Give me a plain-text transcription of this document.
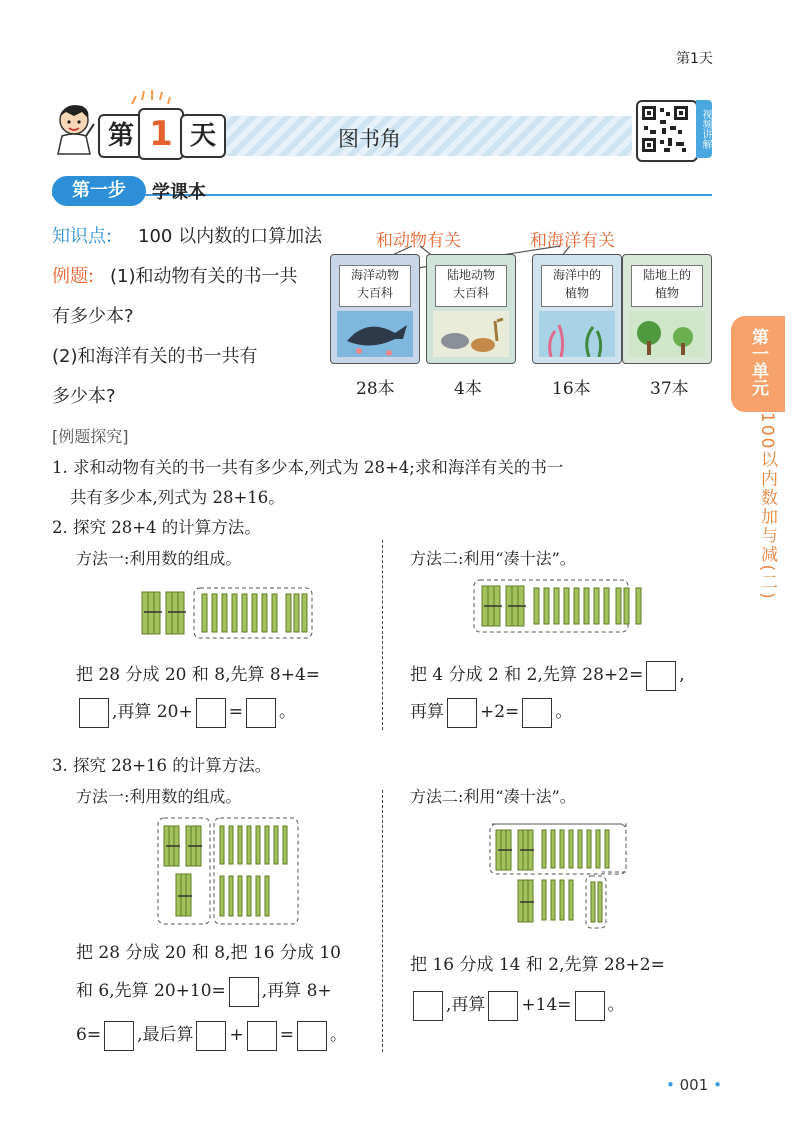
第1天
第 1 天	图书角	视频讲解
第一步	学课本
知识点: 100 以内数的口算加法
例题: (1)和动物有关的书一共
有多少本?
(2)和海洋有关的书一共有
多少本?
和动物有关	和海洋有关
海洋动物
大百科
陆地动物
大百科
海洋中的
植物
陆地上的
植物
28本	4本	16本	37本
[例题探究]
1. 求和动物有关的书一共有多少本,列式为 28+4;求和海洋有关的书一
共有多少本,列式为 28+16。
2. 探究 28+4 的计算方法。
方法一:利用数的组成。
把 28 分成 20 和 8,先算 8+4=
,再算 20+ = 。
方法二:利用“凑十法”。
把 4 分成 2 和 2,先算 28+2= ,
再算 +2= 。
3. 探究 28+16 的计算方法。
方法一:利用数的组成。	方法二:利用“凑十法”。
把 28 分成 20 和 8,把 16 分成 10
和 6,先算 20+10= ,再算 8+
6= ,最后算 + = 。
把 16 分成 14 和 2,先算 28+2=
,再算 +14= 。
第一单元
100以内数加与减(二)
• 001 •
